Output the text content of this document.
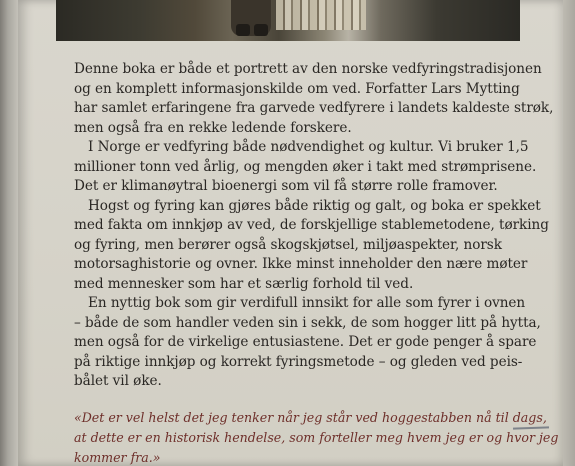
Denne boka er både et portrett av den norske vedfyringstradisjonen
og en komplett informasjonskilde om ved. Forfatter Lars Mytting
har samlet erfaringene fra garvede vedfyrere i landets kaldeste strøk,
men også fra en rekke ledende forskere.
I Norge er vedfyring både nødvendighet og kultur. Vi bruker 1,5
millioner tonn ved årlig, og mengden øker i takt med strømprisene.
Det er klimanøytral bioenergi som vil få større rolle framover.
Hogst og fyring kan gjøres både riktig og galt, og boka er spekket
med fakta om innkjøp av ved, de forskjellige stablemetodene, tørking
og fyring, men berører også skogskjøtsel, miljøaspekter, norsk
motorsaghistorie og ovner. Ikke minst inneholder den nære møter
med mennesker som har et særlig forhold til ved.
En nyttig bok som gir verdifull innsikt for alle som fyrer i ovnen
– både de som handler veden sin i sekk, de som hogger litt på hytta,
men også for de virkelige entusiastene. Det er gode penger å spare
på riktige innkjøp og korrekt fyringsmetode – og gleden ved peis-
bålet vil øke.
«Det er vel helst det jeg tenker når jeg står ved hoggestabben nå til dags,
at dette er en historisk hendelse, som forteller meg hvem jeg er og hvor jeg
kommer fra.»
